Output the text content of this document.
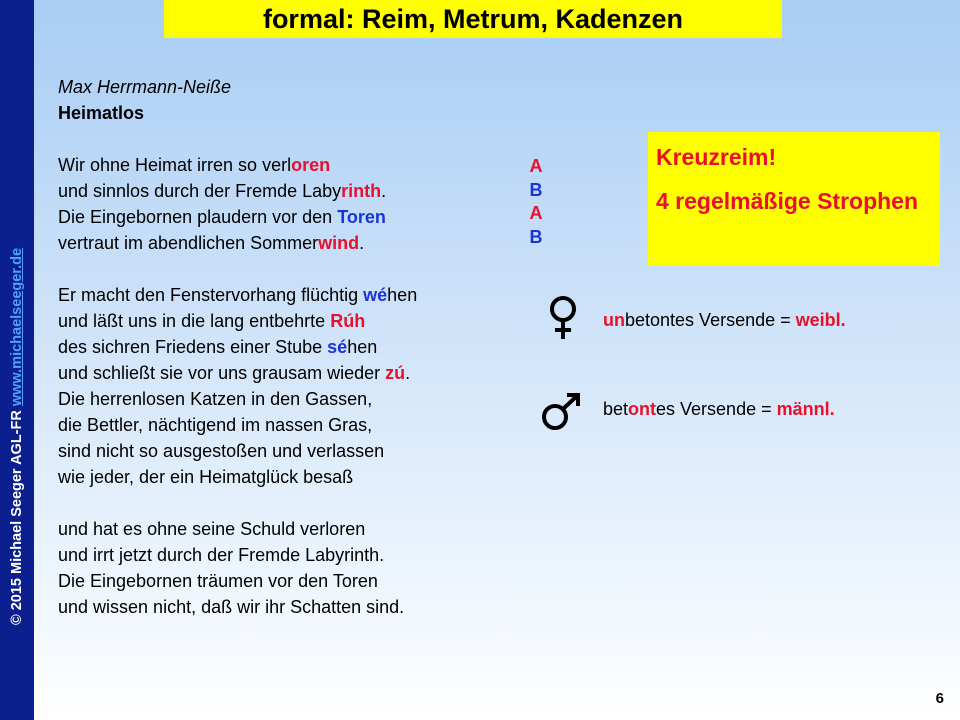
© 2015 Michael Seeger AGL-FR www.michaelseeger.de
formal: Reim, Metrum, Kadenzen
Max Herrmann-Neiße
Heimatlos
Wir ohne Heimat irren so verloren
und sinnlos durch der Fremde Labyrinth.
Die Eingebornen plaudern vor den Toren
vertraut im abendlichen Sommerwind.
Er macht den Fenstervorhang flüchtig wéhen
und läßt uns in die lang entbehrte Rúh
des sichren Friedens einer Stube séhen
und schließt sie vor uns grausam wieder zú.
Die herrenlosen Katzen in den Gassen,
die Bettler, nächtigend im nassen Gras,
sind nicht so ausgestoßen und verlassen
wie jeder, der ein Heimatglück besaß
und hat es ohne seine Schuld verloren
und irrt jetzt durch der Fremde Labyrinth.
Die Eingebornen träumen vor den Toren
und wissen nicht, daß wir ihr Schatten sind.
A
B
A
B
Kreuzreim!
4 regelmäßige Strophen
unbetontes Versende = weibl.
betontes Versende = männl.
6
